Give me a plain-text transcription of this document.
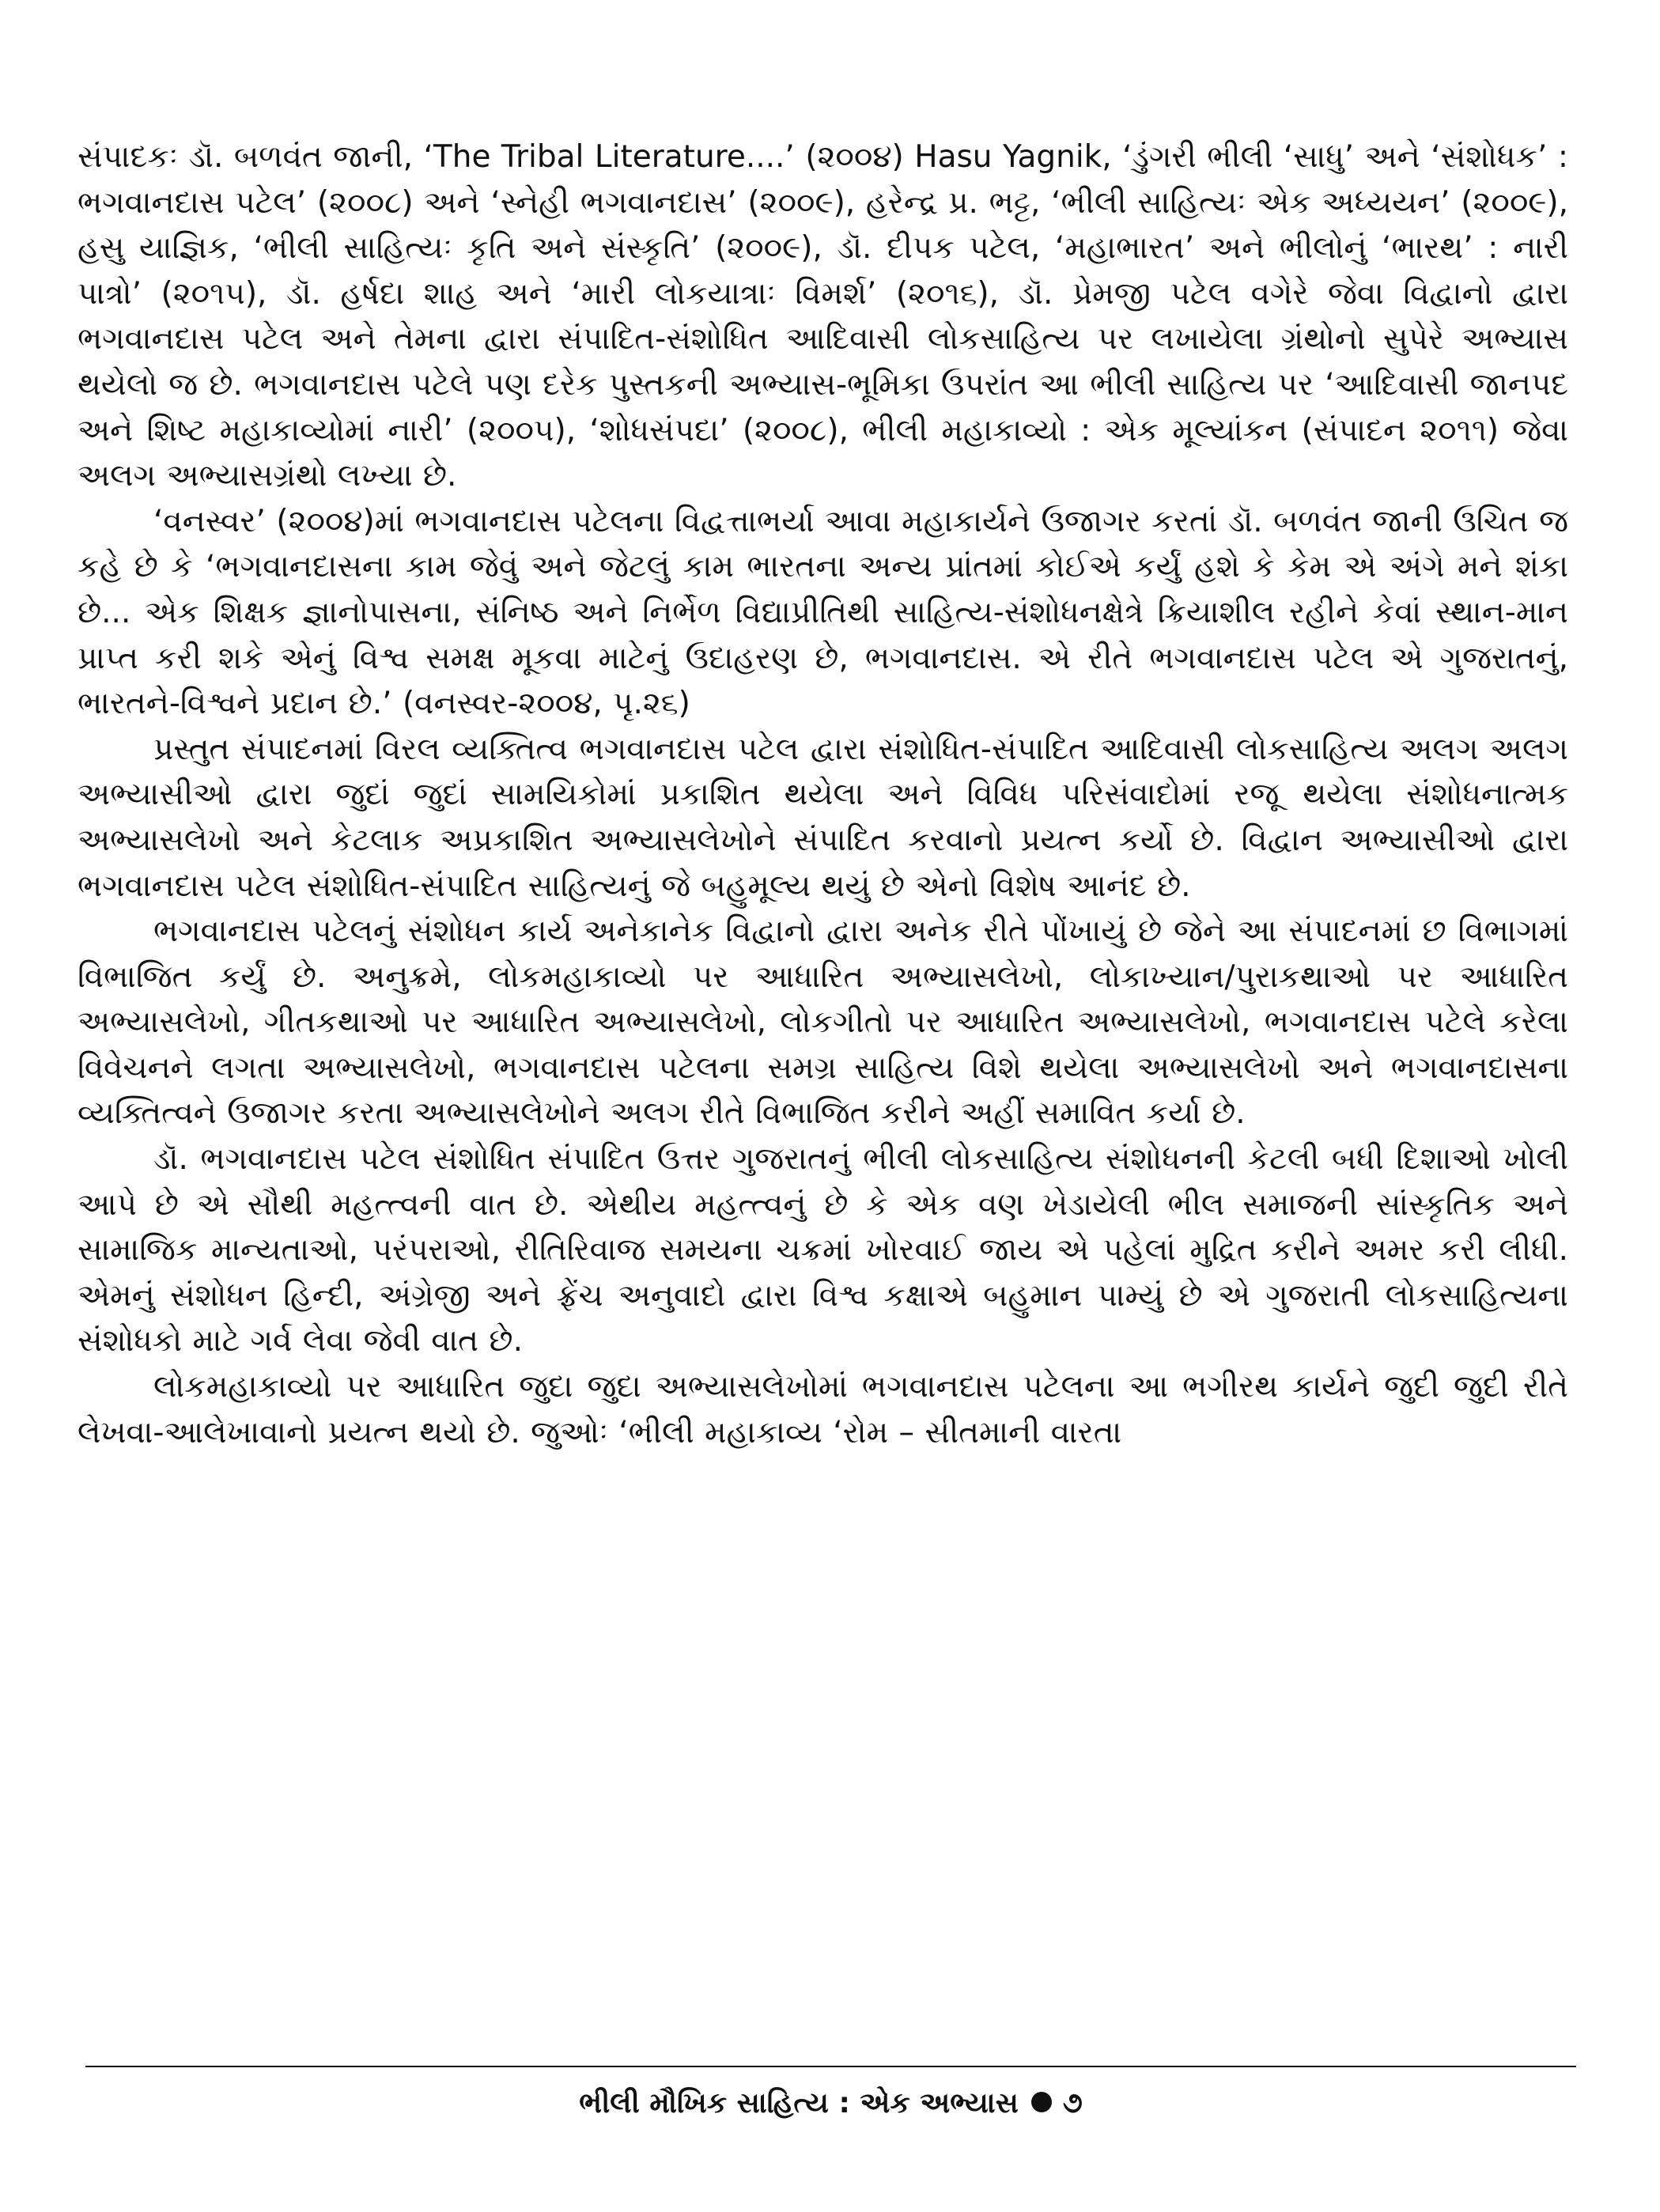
સંપાદકઃ ડૉ. બળવંત જાની, ‘The Tribal Literature....’ (૨૦૦૪) Hasu Yagnik, ‘ડુંગરી ભીલી ‘સાધુ’ અને ‘સંશોધક’ : ભગવાનદાસ પટેલ’ (૨૦૦૮) અને ‘સ્નેહી ભગવાનદાસ’ (૨૦૦૯), હરેન્દ્ર પ્ર. ભટ્ટ, ‘ભીલી સાહિત્યઃ એક અધ્યયન’ (૨૦૦૯), હસુ યાજ્ઞિક, ‘ભીલી સાહિત્યઃ કૃતિ અને સંસ્કૃતિ’ (૨૦૦૯), ડૉ. દીપક પટેલ, ‘મહાભારત’ અને ભીલોનું ‘ભારથ’ : નારી પાત્રો’ (૨૦૧૫), ડૉ. હર્ષદા શાહ અને ‘મારી લોકયાત્રાઃ વિમર્શ’ (૨૦૧૬), ડૉ. પ્રેમજી પટેલ વગેરે જેવા વિદ્વાનો દ્વારા ભગવાનદાસ પટેલ અને તેમના દ્વારા સંપાદિત-સંશોધિત આદિવાસી લોકસાહિત્ય પર લખાયેલા ગ્રંથોનો સુપેરે અભ્યાસ થયેલો જ છે. ભગવાનદાસ પટેલે પણ દરેક પુસ્તકની અભ્યાસ-ભૂમિકા ઉપરાંત આ ભીલી સાહિત્ય પર ‘આદિવાસી જાનપદ અને શિષ્ટ મહાકાવ્યોમાં નારી’ (૨૦૦૫), ‘શોધસંપદા’ (૨૦૦૮), ભીલી મહાકાવ્યો : એક મૂલ્યાંકન (સંપાદન ૨૦૧૧) જેવા અલગ અભ્યાસગ્રંથો લખ્યા છે.

‘વનસ્વર’ (૨૦૦૪)માં ભગવાનદાસ પટેલના વિદ્વત્તાભર્યા આવા મહાકાર્યને ઉજાગર કરતાં ડૉ. બળવંત જાની ઉચિત જ કહે છે કે ‘ભગવાનદાસના કામ જેવું અને જેટલું કામ ભારતના અન્ય પ્રાંતમાં કોઈએ કર્યું હશે કે કેમ એ અંગે મને શંકા છે... એક શિક્ષક જ્ઞાનોપાસના, સંનિષ્ઠ અને નિર્ભેળ વિદ્યાપ્રીતિથી સાહિત્ય-સંશોધનક્ષેત્રે ક્રિયાશીલ રહીને કેવાં સ્થાન-માન પ્રાપ્ત કરી શકે એનું વિશ્વ સમક્ષ મૂકવા માટેનું ઉદાહરણ છે, ભગવાનદાસ. એ રીતે ભગવાનદાસ પટેલ એ ગુજરાતનું, ભારતને-વિશ્વને પ્રદાન છે.’ (વનસ્વર-૨૦૦૪, પૃ.૨૬)

પ્રસ્તુત સંપાદનમાં વિરલ વ્યક્તિત્વ ભગવાનદાસ પટેલ દ્વારા સંશોધિત-સંપાદિત આદિવાસી લોકસાહિત્ય અલગ અલગ અભ્યાસીઓ દ્વારા જુદાં જુદાં સામયિકોમાં પ્રકાશિત થયેલા અને વિવિધ પરિસંવાદોમાં રજૂ થયેલા સંશોધનાત્મક અભ્યાસલેખો અને કેટલાક અપ્રકાશિત અભ્યાસલેખોને સંપાદિત કરવાનો પ્રયત્ન કર્યો છે. વિદ્વાન અભ્યાસીઓ દ્વારા ભગવાનદાસ પટેલ સંશોધિત-સંપાદિત સાહિત્યનું જે બહુમૂલ્ય થયું છે એનો વિશેષ આનંદ છે.

ભગવાનદાસ પટેલનું સંશોધન કાર્ય અનેકાનેક વિદ્વાનો દ્વારા અનેક રીતે પોંખાયું છે જેને આ સંપાદનમાં છ વિભાગમાં વિભાજિત કર્યું છે. અનુક્રમે, લોકમહાકાવ્યો પર આધારિત અભ્યાસલેખો, લોકાખ્યાન/પુરાકથાઓ પર આધારિત અભ્યાસલેખો, ગીતકથાઓ પર આધારિત અભ્યાસલેખો, લોકગીતો પર આધારિત અભ્યાસલેખો, ભગવાનદાસ પટેલે કરેલા વિવેચનને લગતા અભ્યાસલેખો, ભગવાનદાસ પટેલના સમગ્ર સાહિત્ય વિશે થયેલા અભ્યાસલેખો અને ભગવાનદાસના વ્યક્તિત્વને ઉજાગર કરતા અભ્યાસલેખોને અલગ રીતે વિભાજિત કરીને અહીં સમાવિત કર્યા છે.

ડૉ. ભગવાનદાસ પટેલ સંશોધિત સંપાદિત ઉત્તર ગુજરાતનું ભીલી લોકસાહિત્ય સંશોધનની કેટલી બધી દિશાઓ ખોલી આપે છે એ સૌથી મહત્ત્વની વાત છે. એથીય મહત્ત્વનું છે કે એક વણ ખેડાયેલી ભીલ સમાજની સાંસ્કૃતિક અને સામાજિક માન્યતાઓ, પરંપરાઓ, રીતિરિવાજ સમયના ચક્રમાં ખોરવાઈ જાય એ પહેલાં મુદ્રિત કરીને અમર કરી લીધી. એમનું સંશોધન હિન્દી, અંગ્રેજી અને ફ્રેંચ અનુવાદો દ્વારા વિશ્વ કક્ષાએ બહુમાન પામ્યું છે એ ગુજરાતી લોકસાહિત્યના સંશોધકો માટે ગર્વ લેવા જેવી વાત છે.

લોકમહાકાવ્યો પર આધારિત જુદા જુદા અભ્યાસલેખોમાં ભગવાનદાસ પટેલના આ ભગીરથ કાર્યને જુદી જુદી રીતે લેખવા-આલેખાવાનો પ્રયત્ન થયો છે. જુઓઃ ‘ભીલી મહાકાવ્ય ‘રોમ – સીતમાની વારતા

ભીલી મૌખિક સાહિત્ય : એક અભ્યાસ ૭
